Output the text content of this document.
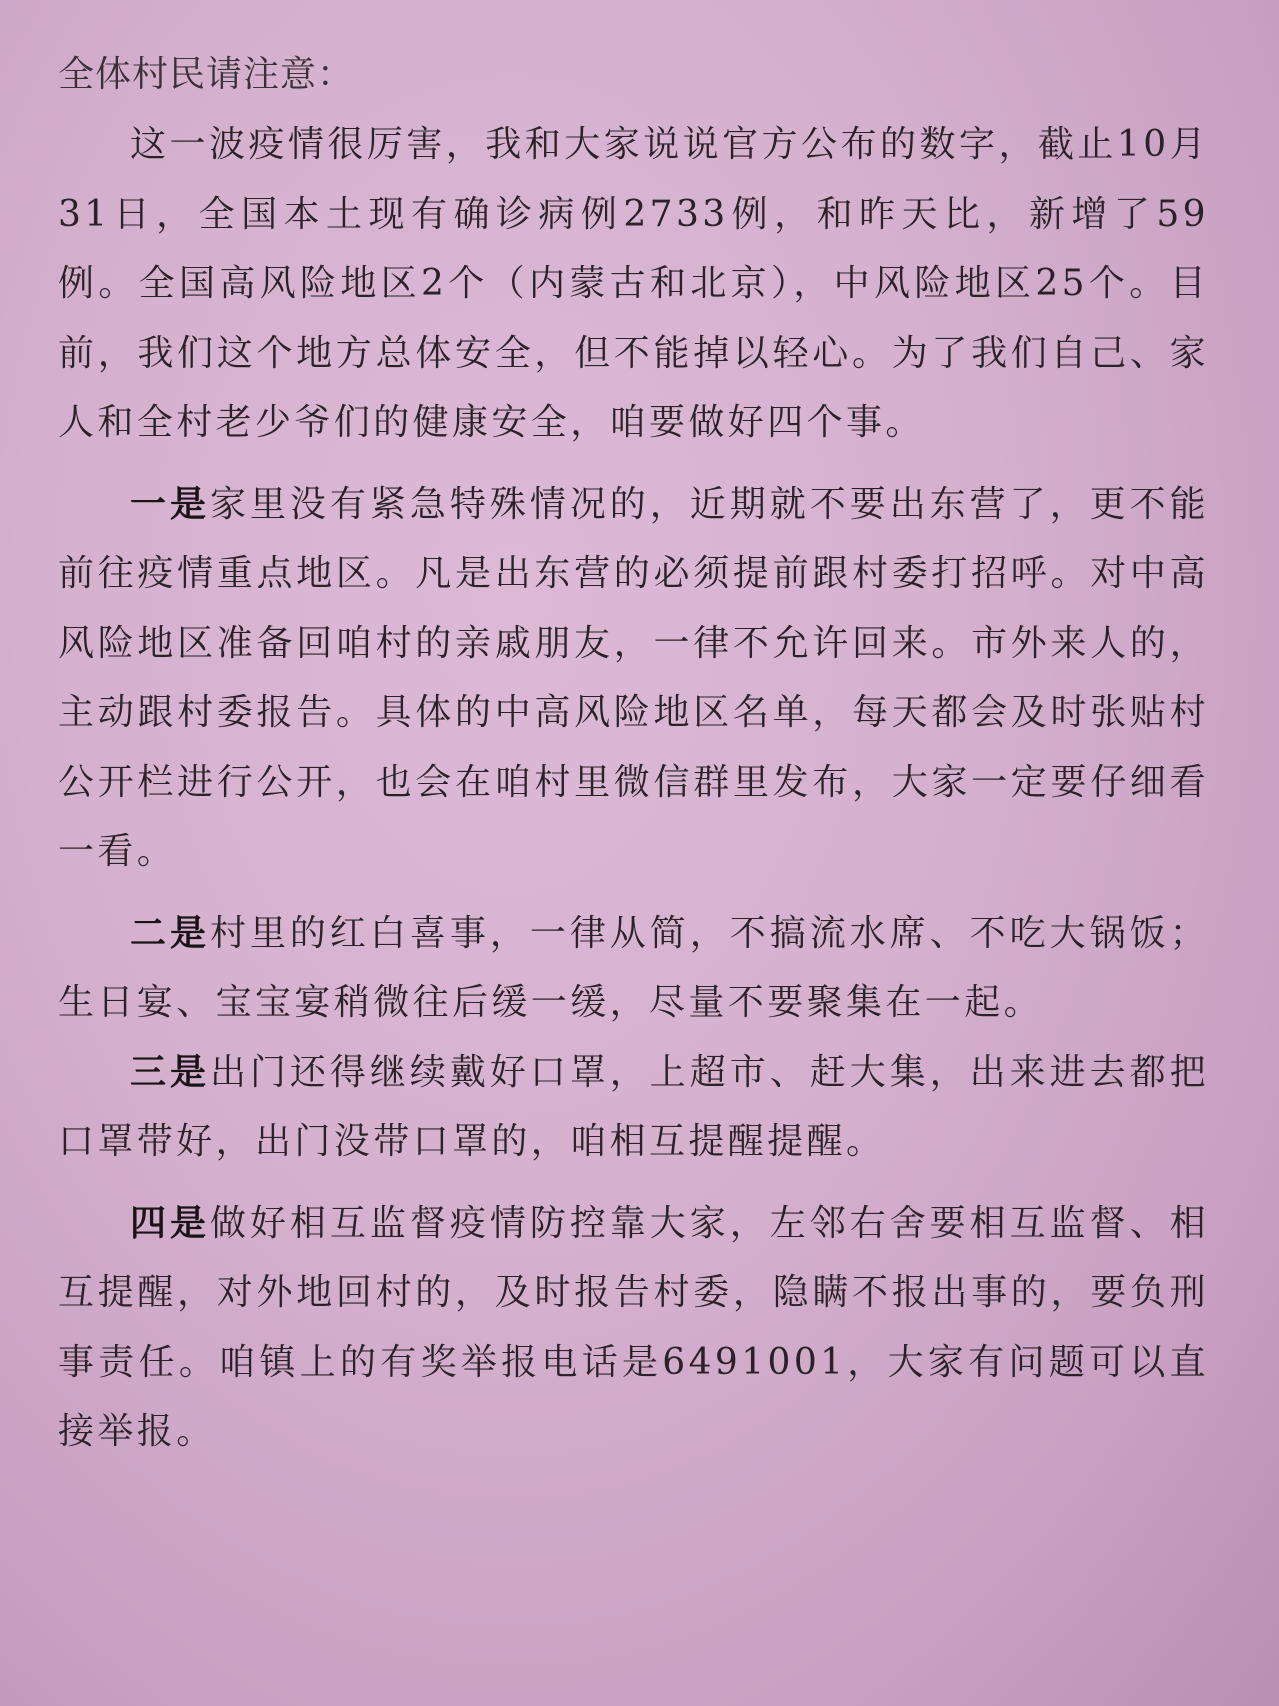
全体村民请注意：

这一波疫情很厉害，我和大家说说官方公布的数字，截止10月31日，全国本土现有确诊病例2733例，和昨天比，新增了59例。全国高风险地区2个（内蒙古和北京），中风险地区25个。目前，我们这个地方总体安全，但不能掉以轻心。为了我们自己、家人和全村老少爷们的健康安全，咱要做好四个事。

一是家里没有紧急特殊情况的，近期就不要出东营了，更不能前往疫情重点地区。凡是出东营的必须提前跟村委打招呼。对中高风险地区准备回咱村的亲戚朋友，一律不允许回来。市外来人的，主动跟村委报告。具体的中高风险地区名单，每天都会及时张贴村公开栏进行公开，也会在咱村里微信群里发布，大家一定要仔细看一看。

二是村里的红白喜事，一律从简，不搞流水席、不吃大锅饭；生日宴、宝宝宴稍微往后缓一缓，尽量不要聚集在一起。

三是出门还得继续戴好口罩，上超市、赶大集，出来进去都把口罩带好，出门没带口罩的，咱相互提醒提醒。

四是做好相互监督疫情防控靠大家，左邻右舍要相互监督、相互提醒，对外地回村的，及时报告村委，隐瞒不报出事的，要负刑事责任。咱镇上的有奖举报电话是6491001，大家有问题可以直接举报。
